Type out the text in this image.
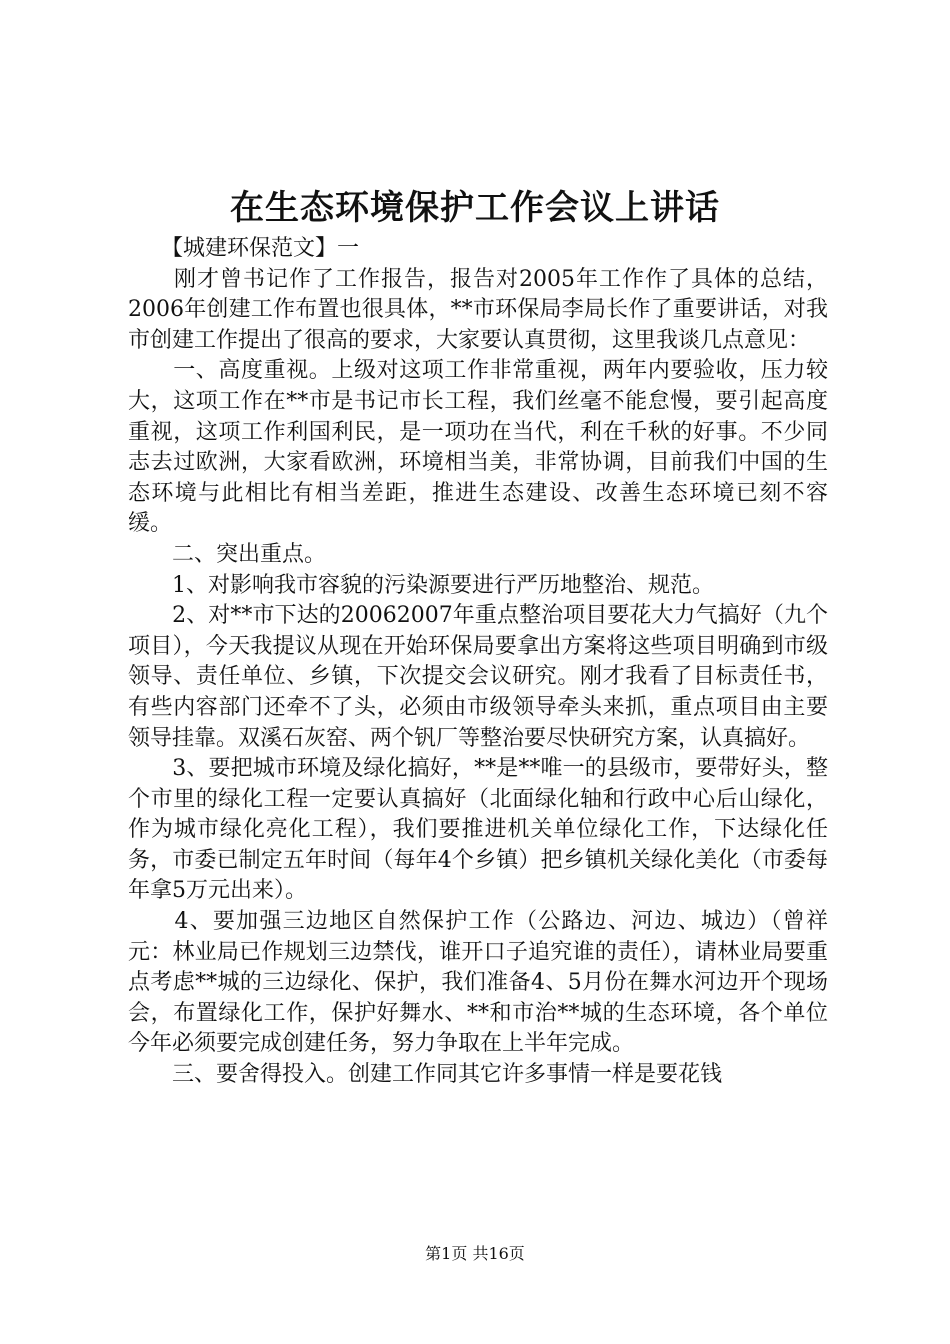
在生态环境保护工作会议上讲话

　　【城建环保范文】一

　　刚才曾书记作了工作报告，报告对2005年工作作了具体的总结，2006年创建工作布置也很具体，**市环保局李局长作了重要讲话，对我市创建工作提出了很高的要求，大家要认真贯彻，这里我谈几点意见：

　　一、高度重视。上级对这项工作非常重视，两年内要验收，压力较大，这项工作在**市是书记市长工程，我们丝毫不能怠慢，要引起高度重视，这项工作利国利民，是一项功在当代，利在千秋的好事。不少同志去过欧洲，大家看欧洲，环境相当美，非常协调，目前我们中国的生态环境与此相比有相当差距，推进生态建设、改善生态环境已刻不容缓。

　　二、突出重点。

　　1、对影响我市容貌的污染源要进行严历地整治、规范。

　　2、对**市下达的20062007年重点整治项目要花大力气搞好（九个项目），今天我提议从现在开始环保局要拿出方案将这些项目明确到市级领导、责任单位、乡镇，下次提交会议研究。刚才我看了目标责任书，有些内容部门还牵不了头，必须由市级领导牵头来抓，重点项目由主要领导挂靠。双溪石灰窑、两个钒厂等整治要尽快研究方案，认真搞好。

　　3、要把城市环境及绿化搞好，**是**唯一的县级市，要带好头，整个市里的绿化工程一定要认真搞好（北面绿化轴和行政中心后山绿化，作为城市绿化亮化工程），我们要推进机关单位绿化工作，下达绿化任务，市委已制定五年时间（每年4个乡镇）把乡镇机关绿化美化（市委每年拿5万元出来）。

　　4、要加强三边地区自然保护工作（公路边、河边、城边）（曾祥元：林业局已作规划三边禁伐，谁开口子追究谁的责任），请林业局要重点考虑**城的三边绿化、保护，我们准备4、5月份在舞水河边开个现场会，布置绿化工作，保护好舞水、**和市治**城的生态环境，各个单位今年必须要完成创建任务，努力争取在上半年完成。

　　三、要舍得投入。创建工作同其它许多事情一样是要花钱

第1页 共16页
